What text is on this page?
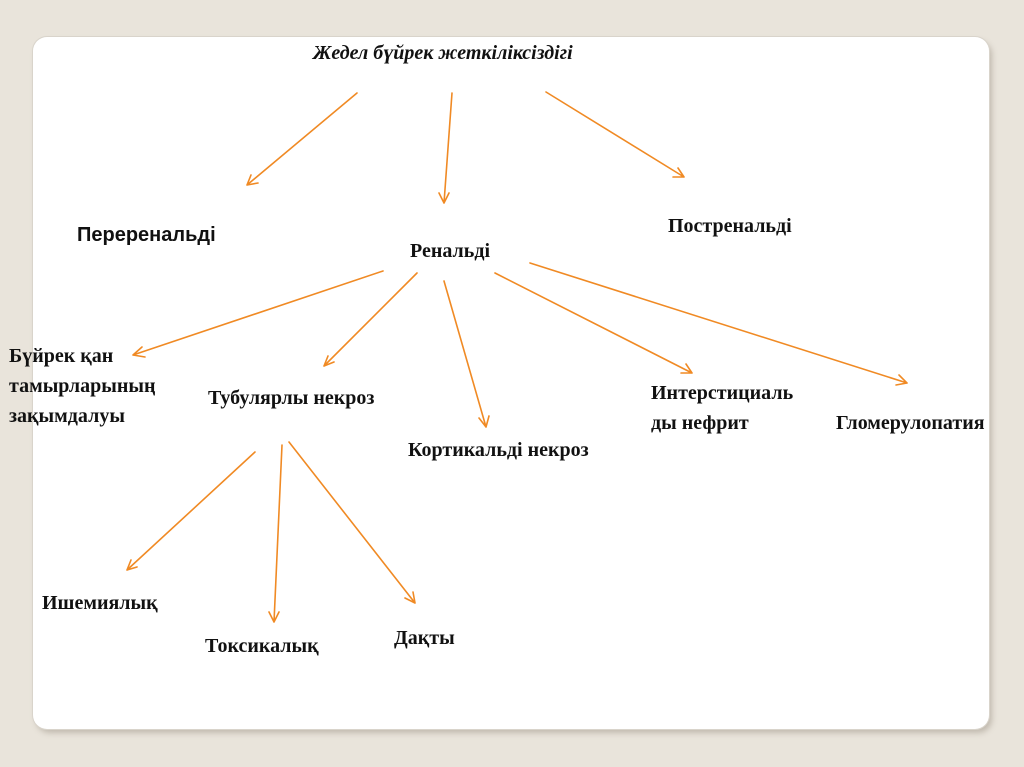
Жедел бүйрек жеткіліксіздігі

Переренальді

Ренальді

Постренальді

Бүйрек қан
тамырларының
зақымдалуы

Тубулярлы некроз

Кортикальді некроз

Интерстициаль
ды нефрит	Гломерулопатия

Ишемиялық

Токсикалық	Дақты
